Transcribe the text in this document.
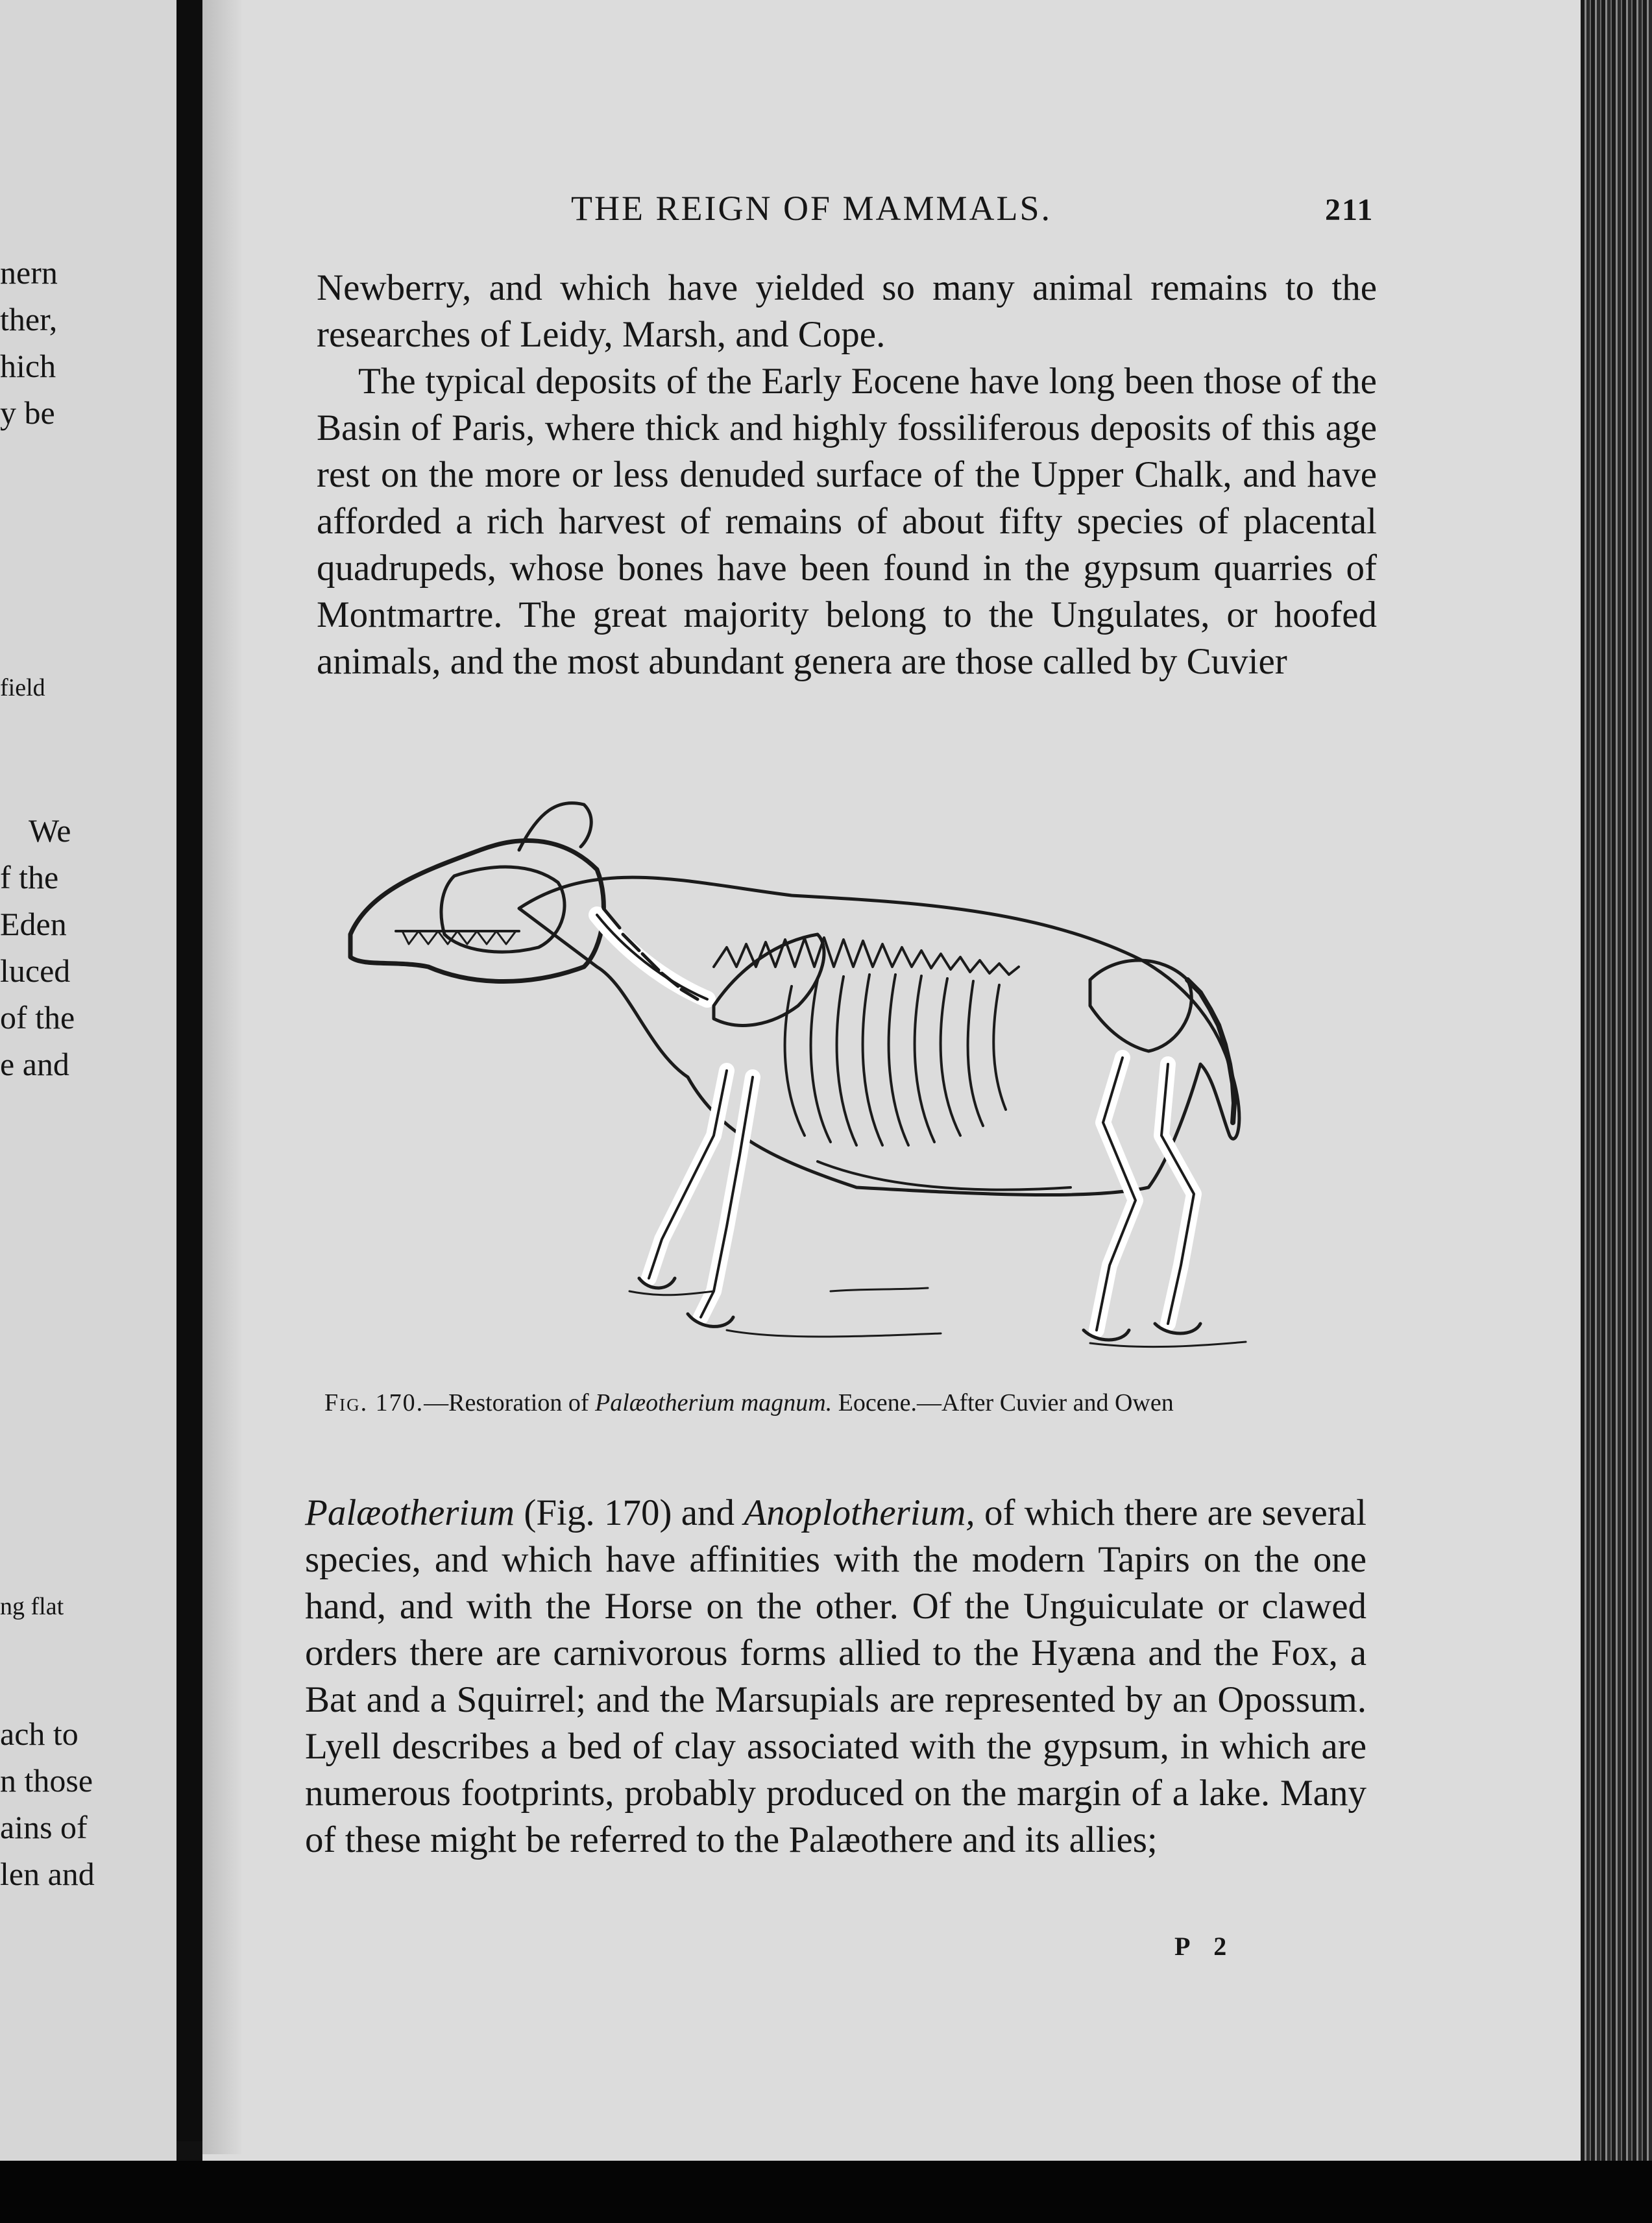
nern
ther,
hich
y be
field
We
f the
Eden
luced
of the
e and
ng flat
ach to
n those
ains of
len and
THE REIGN OF MAMMALS.	211

Newberry, and which have yielded so many animal remains to the researches of Leidy, Marsh, and Cope.

The typical deposits of the Early Eocene have long been those of the Basin of Paris, where thick and highly fossiliferous deposits of this age rest on the more or less denuded surface of the Upper Chalk, and have afforded a rich harvest of remains of about fifty species of placental quadrupeds, whose bones have been found in the gypsum quarries of Montmartre. The great majority belong to the Ungulates, or hoofed animals, and the most abundant genera are those called by Cuvier

Fig. 170.—Restoration of Palæotherium magnum. Eocene.—After Cuvier and Owen

Palæotherium (Fig. 170) and Anoplotherium, of which there are several species, and which have affinities with the modern Tapirs on the one hand, and with the Horse on the other. Of the Unguiculate or clawed orders there are carnivorous forms allied to the Hyæna and the Fox, a Bat and a Squirrel; and the Marsupials are represented by an Opossum. Lyell describes a bed of clay associated with the gypsum, in which are numerous footprints, probably produced on the margin of a lake. Many of these might be referred to the Palæothere and its allies;

P 2
